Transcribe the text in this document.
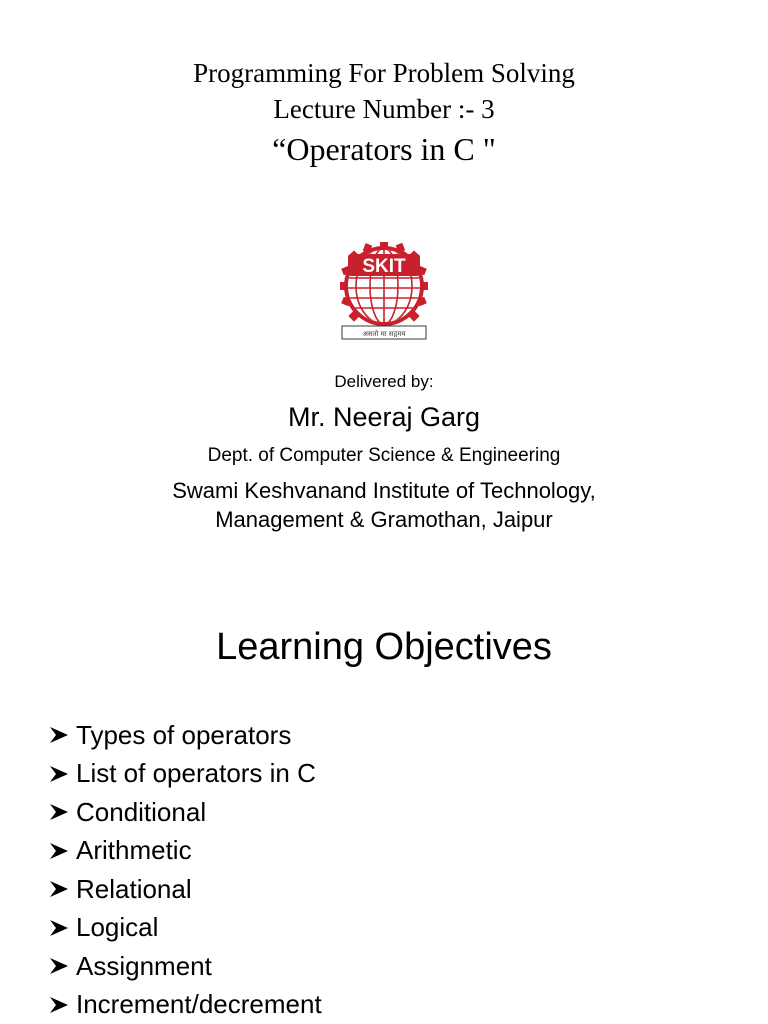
Programming For Problem Solving
Lecture Number :- 3
“Operators in C "
SKIT
असतो मा सद्गमय
Delivered by:
Mr. Neeraj Garg
Dept. of Computer Science & Engineering
Swami Keshvanand Institute of Technology,
Management & Gramothan, Jaipur
Learning Objectives
Types of operators
List of operators in C
Conditional
Arithmetic
Relational
Logical
Assignment
Increment/decrement
